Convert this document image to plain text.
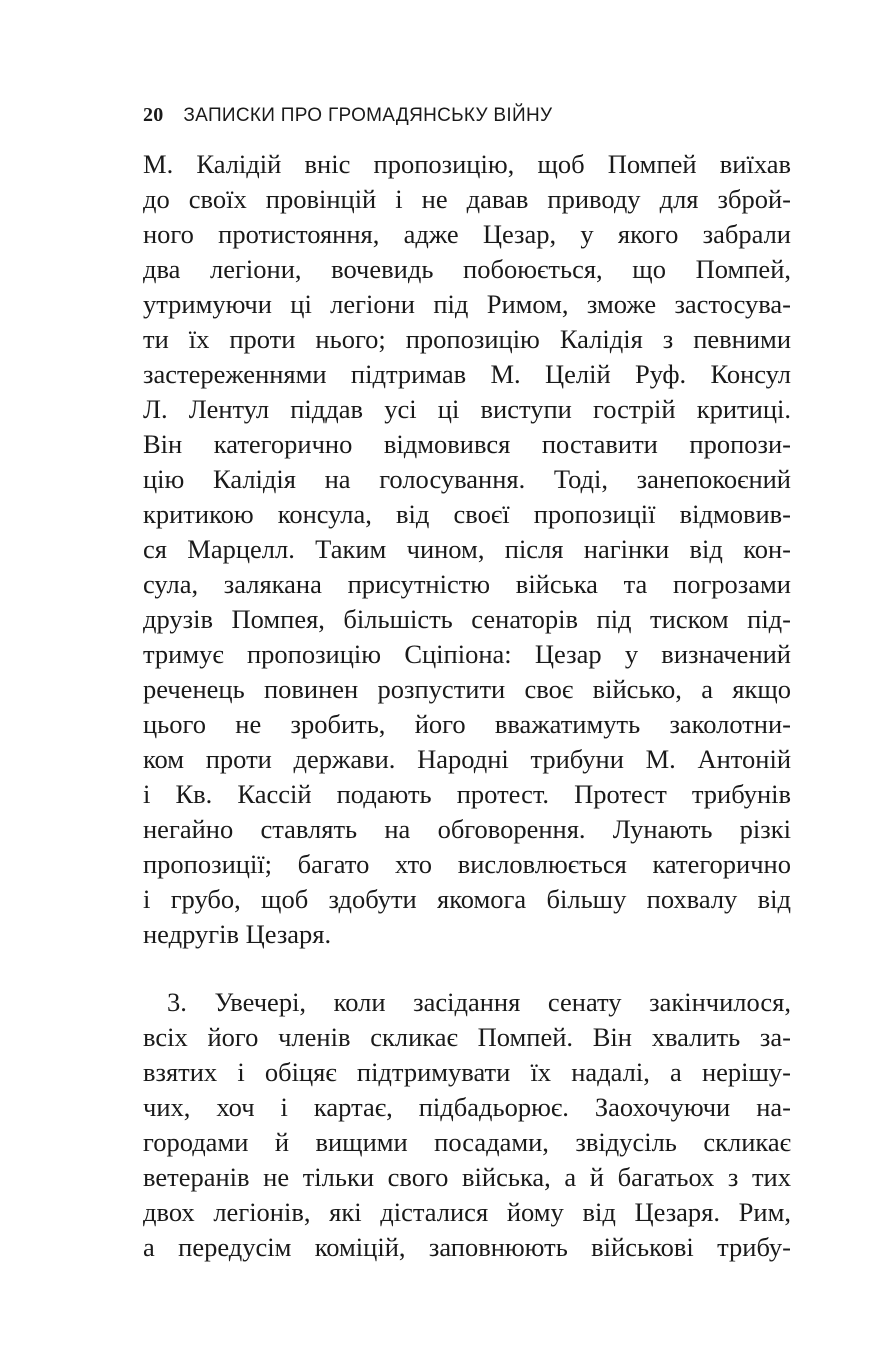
20 ЗАПИСКИ ПРО ГРОМАДЯНСЬКУ ВІЙНУ

М. Калідій вніс пропозицію, щоб Помпей виїхав
до своїх провінцій і не давав приводу для зброй-
ного протистояння, адже Цезар, у якого забрали
два легіони, вочевидь побоюється, що Помпей,
утримуючи ці легіони під Римом, зможе застосува-
ти їх проти нього; пропозицію Калідія з певними
застереженнями підтримав М. Целій Руф. Консул
Л. Лентул піддав усі ці виступи гострій критиці.
Він категорично відмовився поставити пропози-
цію Калідія на голосування. Тоді, занепокоєний
критикою консула, від своєї пропозиції відмовив-
ся Марцелл. Таким чином, після нагінки від кон-
сула, залякана присутністю війська та погрозами
друзів Помпея, більшість сенаторів під тиском під-
тримує пропозицію Сціпіона: Цезар у визначений
реченець повинен розпустити своє військо, а якщо
цього не зробить, його вважатимуть заколотни-
ком проти держави. Народні трибуни М. Антоній
і Кв. Кассій подають протест. Протест трибунів
негайно ставлять на обговорення. Лунають різкі
пропозиції; багато хто висловлюється категорично
і грубо, щоб здобути якомога більшу похвалу від
недругів Цезаря.

3. Увечері, коли засідання сенату закінчилося,
всіх його членів скликає Помпей. Він хвалить за-
взятих і обіцяє підтримувати їх надалі, а нерішу-
чих, хоч і картає, підбадьорює. Заохочуючи на-
городами й вищими посадами, звідусіль скликає
ветеранів не тільки свого війська, а й багатьох з тих
двох легіонів, які дісталися йому від Цезаря. Рим,
а передусім коміцій, заповнюють військові трибу-
